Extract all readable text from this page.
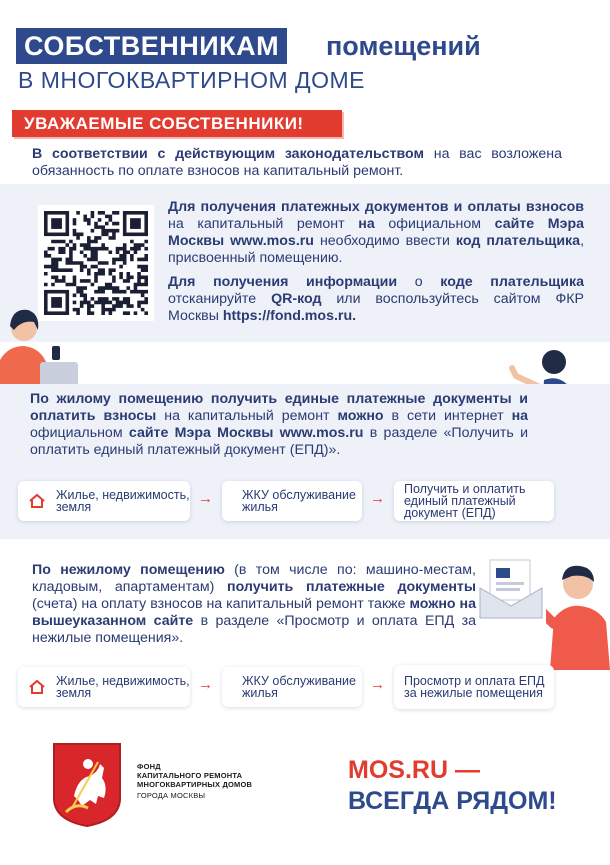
СОБСТВЕННИКАМ помещений
В МНОГОКВАРТИРНОМ ДОМЕ
УВАЖАЕМЫЕ СОБСТВЕННИКИ!
В соответствии с действующим законодательством на вас возложена обязанность по оплате взносов на капитальный ремонт.
Для получения платежных документов и оплаты взносов на капитальный ремонт на официальном сайте Мэра Москвы www.mos.ru необходимо ввести код плательщика, присвоенный помещению.
Для получения информации о коде плательщика отсканируйте QR-код или воспользуйтесь сайтом ФКР Москвы https://fond.mos.ru.
По жилому помещению получить единые платежные документы и оплатить взносы на капитальный ремонт можно в сети интернет на официальном сайте Мэра Москвы www.mos.ru в разделе «Получить и оплатить единый платежный документ (ЕПД)».
Жилье, недвижимость, земля	→ ЖКУ обслуживание жилья	→
Получить и оплатить единый платежный документ (ЕПД)
По нежилому помещению (в том числе по: машино-местам, кладовым, апартаментам) получить платежные документы (счета) на оплату взносов на капитальный ремонт также можно на вышеуказанном сайте в разделе «Просмотр и оплата ЕПД за нежилые помещения».
Жилье, недвижимость, земля	→ ЖКУ обслуживание жилья	→ Просмотр и оплата ЕПД за нежилые помещения
ФОНД
КАПИТАЛЬНОГО РЕМОНТА
МНОГОКВАРТИРНЫХ ДОМОВ
ГОРОДА МОСКВЫ
MOS.RU —
ВСЕГДА РЯДОМ!
